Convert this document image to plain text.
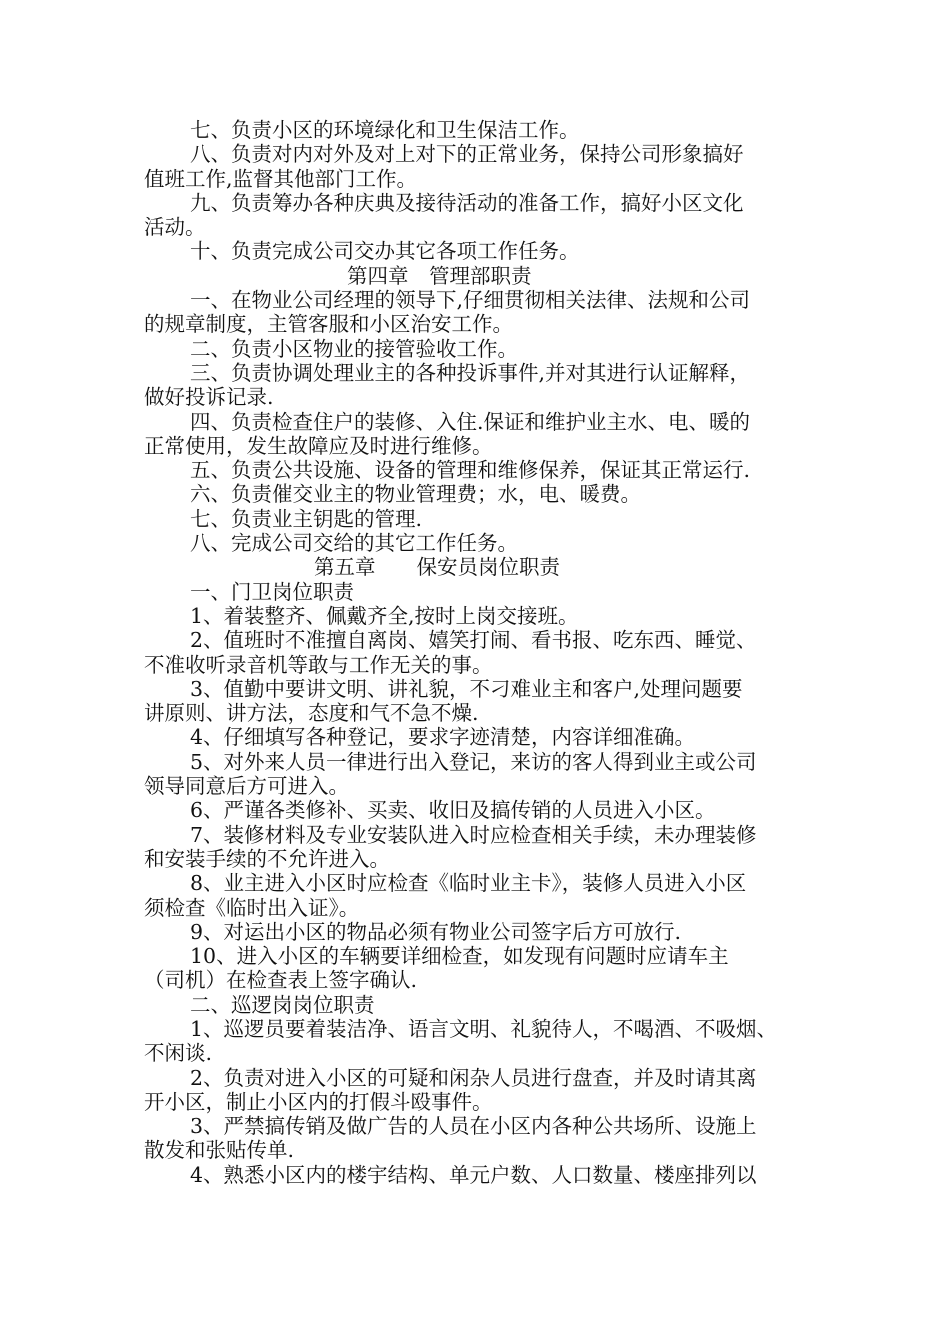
七、负责小区的环境绿化和卫生保洁工作。
八、负责对内对外及对上对下的正常业务，保持公司形象搞好
值班工作,监督其他部门工作。
九、负责筹办各种庆典及接待活动的准备工作，搞好小区文化
活动。
十、负责完成公司交办其它各项工作任务。
第四章　管理部职责
一、在物业公司经理的领导下,仔细贯彻相关法律、法规和公司
的规章制度，主管客服和小区治安工作。
二、负责小区物业的接管验收工作。
三、负责协调处理业主的各种投诉事件,并对其进行认证解释，
做好投诉记录.
四、负责检查住户的装修、入住.保证和维护业主水、电、暖的
正常使用，发生故障应及时进行维修。
五、负责公共设施、设备的管理和维修保养，保证其正常运行.
六、负责催交业主的物业管理费；水，电、暖费。
七、负责业主钥匙的管理.
八、完成公司交给的其它工作任务。
第五章　　保安员岗位职责
一、门卫岗位职责
1、着装整齐、佩戴齐全,按时上岗交接班。
2、值班时不准擅自离岗、嬉笑打闹、看书报、吃东西、睡觉、
不准收听录音机等敢与工作无关的事。
3、值勤中要讲文明、讲礼貌，不刁难业主和客户,处理问题要
讲原则、讲方法，态度和气不急不燥.
4、仔细填写各种登记，要求字迹清楚，内容详细准确。
5、对外来人员一律进行出入登记，来访的客人得到业主或公司
领导同意后方可进入。
6、严谨各类修补、买卖、收旧及搞传销的人员进入小区。
7、装修材料及专业安装队进入时应检查相关手续，未办理装修
和安装手续的不允许进入。
8、业主进入小区时应检查《临时业主卡》，装修人员进入小区
须检查《临时出入证》。
9、对运出小区的物品必须有物业公司签字后方可放行.
10、进入小区的车辆要详细检查，如发现有问题时应请车主
（司机）在检查表上签字确认.
二、巡逻岗岗位职责
1、巡逻员要着装洁净、语言文明、礼貌待人，不喝酒、不吸烟、
不闲谈.
2、负责对进入小区的可疑和闲杂人员进行盘查，并及时请其离
开小区，制止小区内的打假斗殴事件。
3、严禁搞传销及做广告的人员在小区内各种公共场所、设施上
散发和张贴传单.
4、熟悉小区内的楼宇结构、单元户数、人口数量、楼座排列以
